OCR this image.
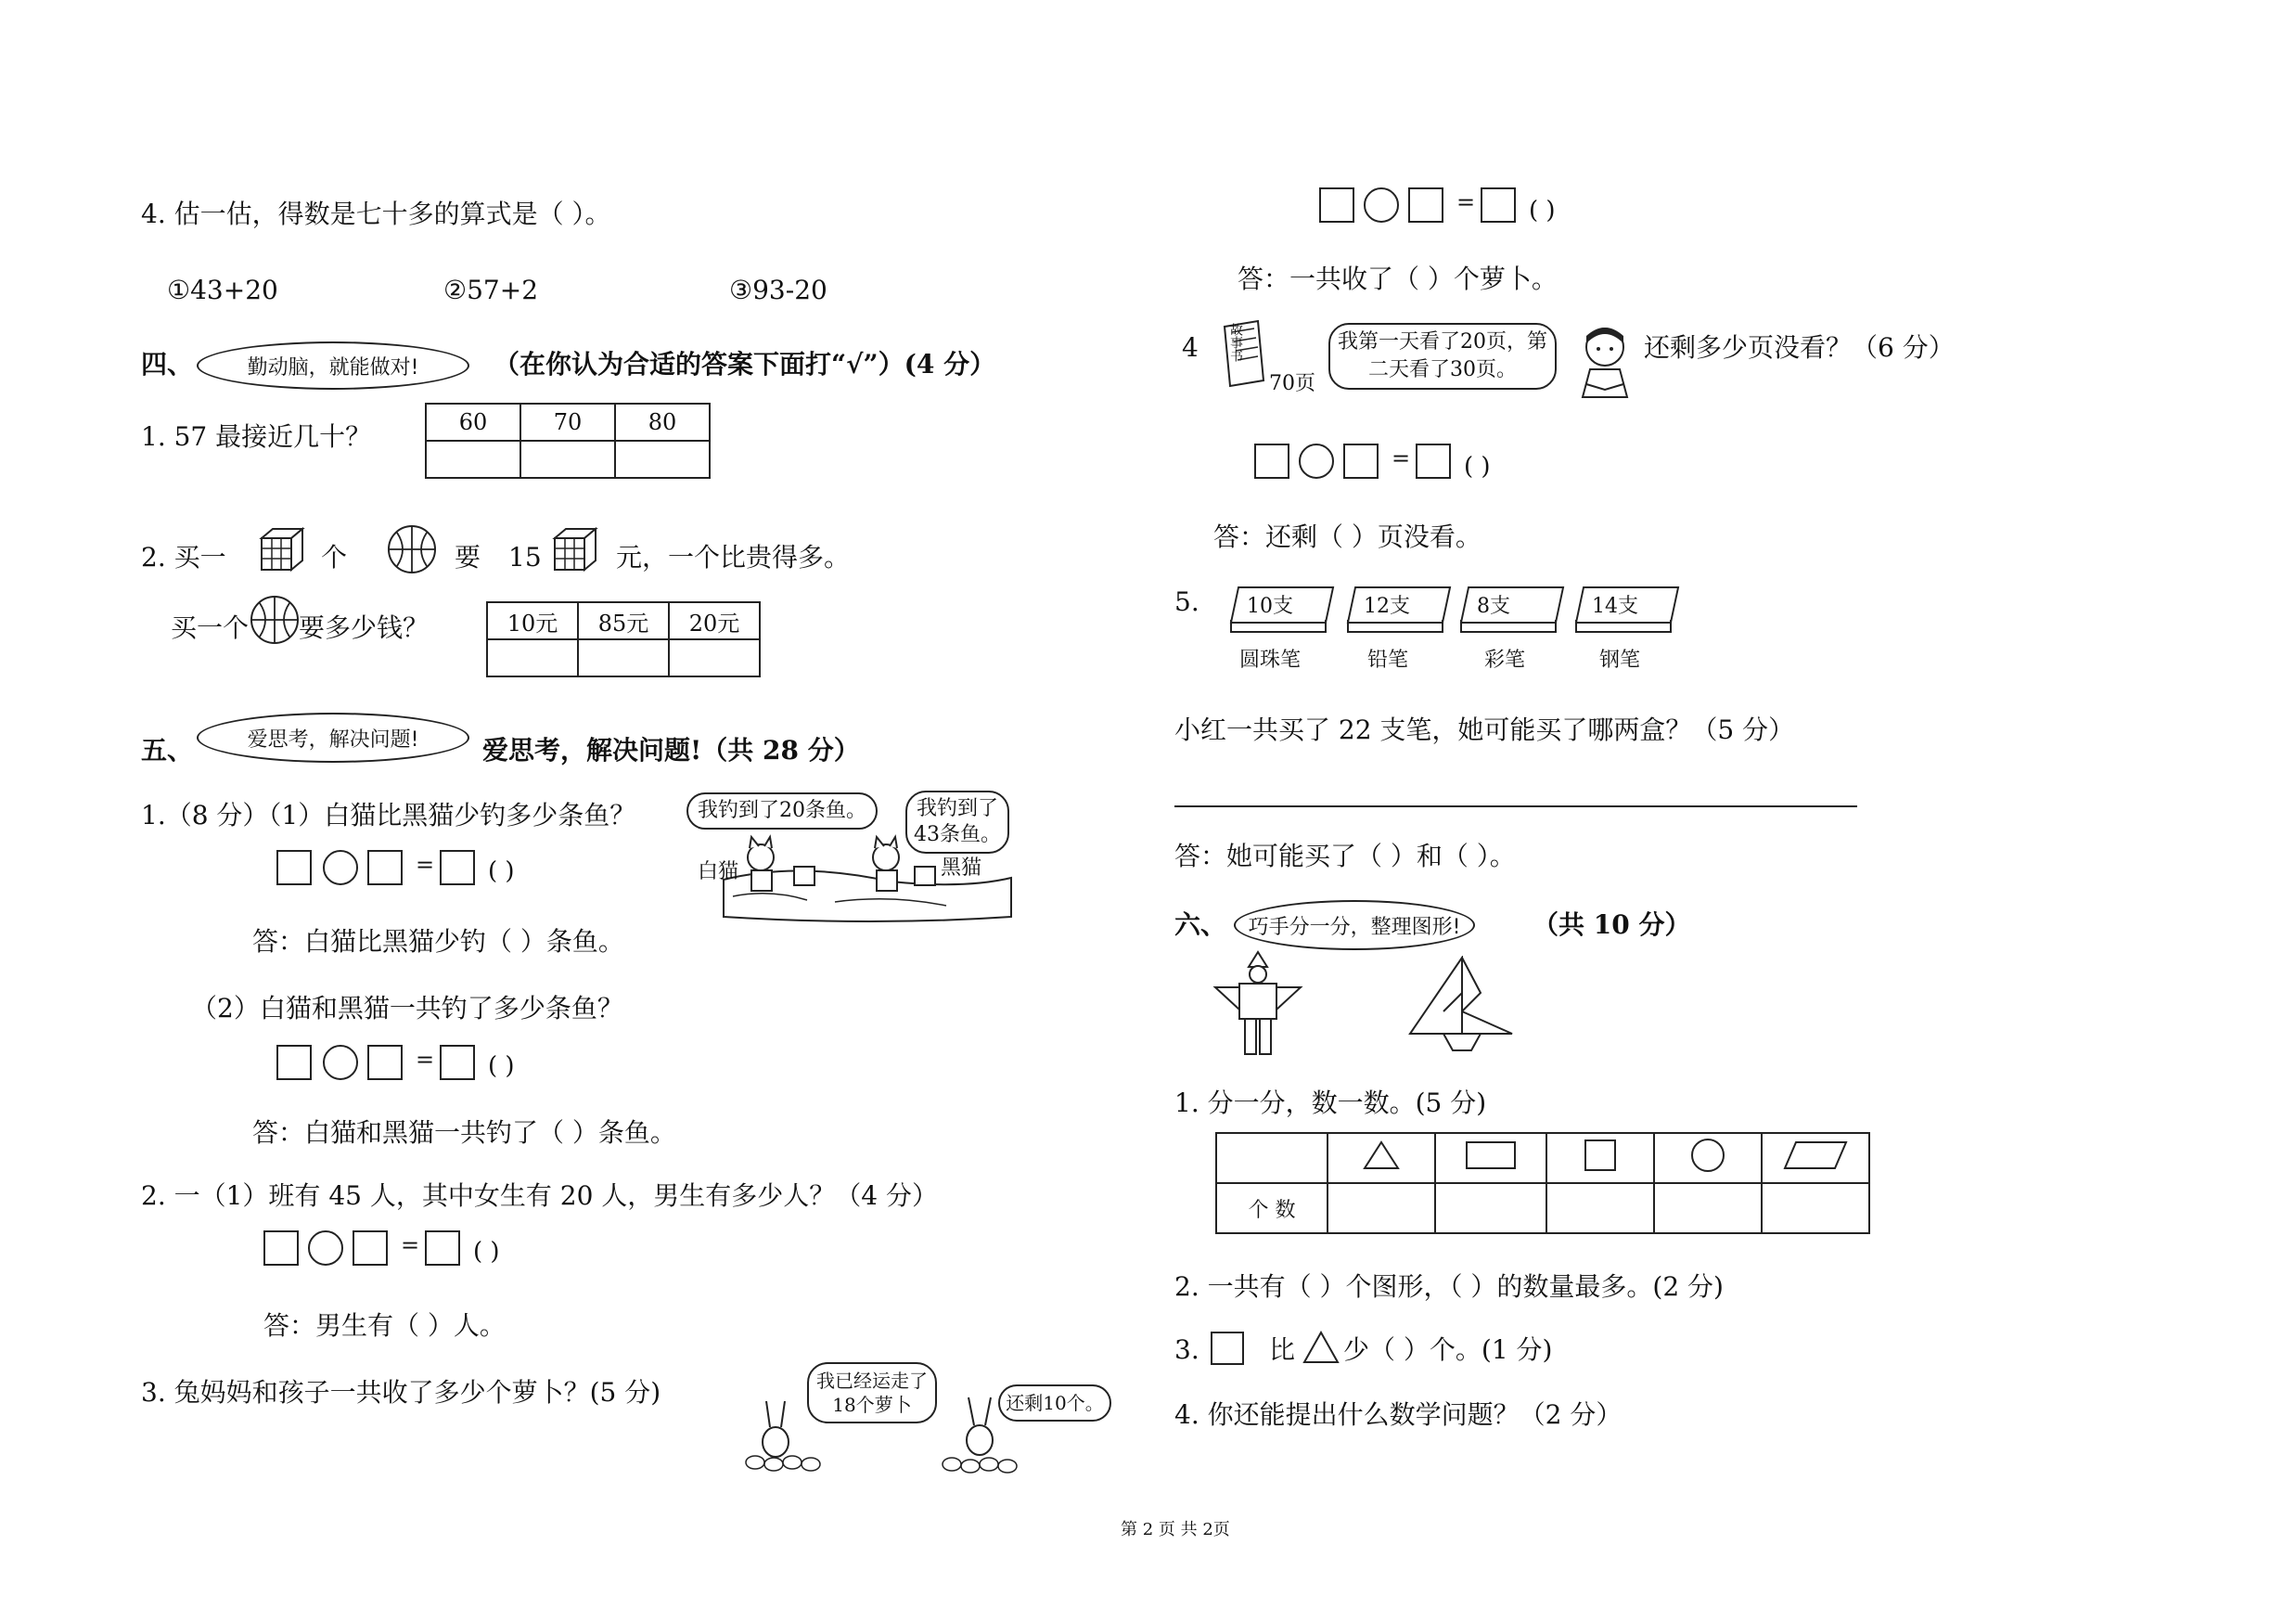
4. 估一估，得数是七十多的算式是（ ）。
①43+20	②57+2	③93-20
四、	勤动脑，就能做对!	（在你认为合适的答案下面打“√”）(4 分）
1. 57 最接近几十？	60	70	80

2. 买一	个	要 15	元，一个比贵得多。
买一个 要多少钱？	10元	85元	20元

五、	爱思考，解决问题!	爱思考，解决问题!（共 28 分）
1.（8 分）（1）白猫比黑猫少钓多少条鱼？	我钓到了20条鱼。	我钓到了43条鱼。
白猫	黑猫
= ( )
答：白猫比黑猫少钓（ ）条鱼。
（2）白猫和黑猫一共钓了多少条鱼？
= ( )
答：白猫和黑猫一共钓了（ ）条鱼。
2. 一（1）班有 45 人，其中女生有 20 人，男生有多少人？（4 分）
= ( )
答：男生有（ ）人。
3. 兔妈妈和孩子一共收了多少个萝卜？(5 分)	我已经运走了18个萝卜	还剩10个。
= ( )
答：一共收了（ ）个萝卜。
4 故事书
70页
我第一天看了20页，第二天看了30页。
还剩多少页没看？（6 分）
= ( )
答：还剩（ ）页没看。
5. 10支
圆珠笔
12支
铅笔
8支
彩笔
14支
钢笔
小红一共买了 22 支笔，她可能买了哪两盒？（5 分）
答：她可能买了（ ）和（ ）。
六、	巧手分一分，整理图形!	（共 10 分）
1. 分一分，数一数。(5 分)

个 数					
2. 一共有（ ）个图形，（ ）的数量最多。(2 分)
3.	比 少（ ）个。(1 分)
4. 你还能提出什么数学问题？（2 分）
第 2 页 共 2页
